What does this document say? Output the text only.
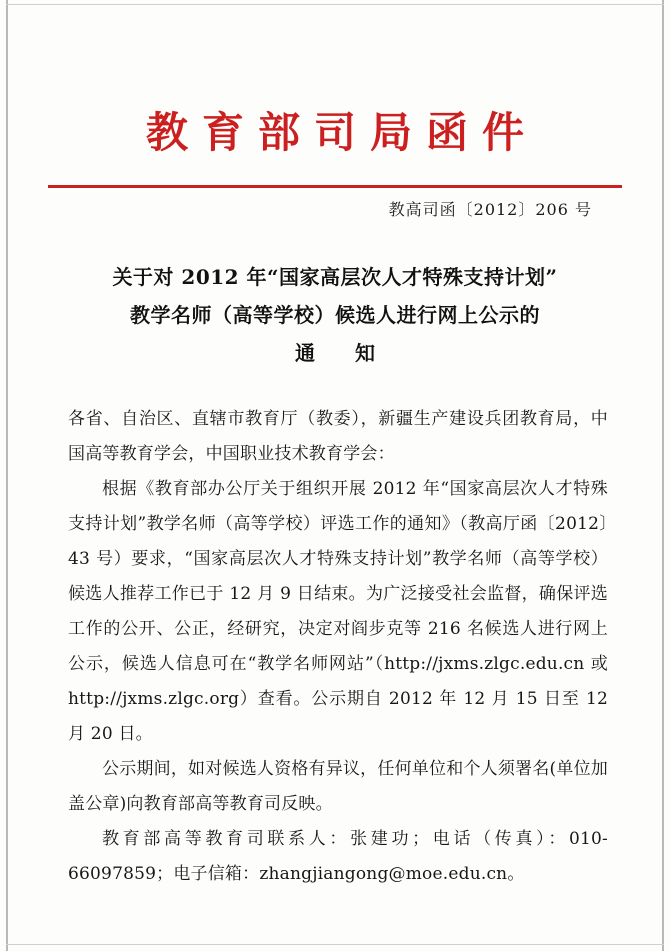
教育部司局函件
教高司函〔2012〕206 号
关于对 2012 年“国家高层次人才特殊支持计划”
教学名师（高等学校）候选人进行网上公示的
通　知

各省、自治区、直辖市教育厅（教委），新疆生产建设兵团教育局，中国高等教育学会，中国职业技术教育学会：

根据《教育部办公厅关于组织开展 2012 年“国家高层次人才特殊支持计划”教学名师（高等学校）评选工作的通知》（教高厅函〔2012〕43 号）要求，“国家高层次人才特殊支持计划”教学名师（高等学校）候选人推荐工作已于 12 月 9 日结束。为广泛接受社会监督，确保评选工作的公开、公正，经研究，决定对阎步克等 216 名候选人进行网上公示，候选人信息可在“教学名师网站”（http://jxms.zlgc.edu.cn 或 http://jxms.zlgc.org）查看。公示期自 2012 年 12 月 15 日至 12 月 20 日。

公示期间，如对候选人资格有异议，任何单位和个人须署名(单位加盖公章)向教育部高等教育司反映。

教育部高等教育司联系人：张建功；电话（传真）：010-66097859；电子信箱：zhangjiangong@moe.edu.cn。
